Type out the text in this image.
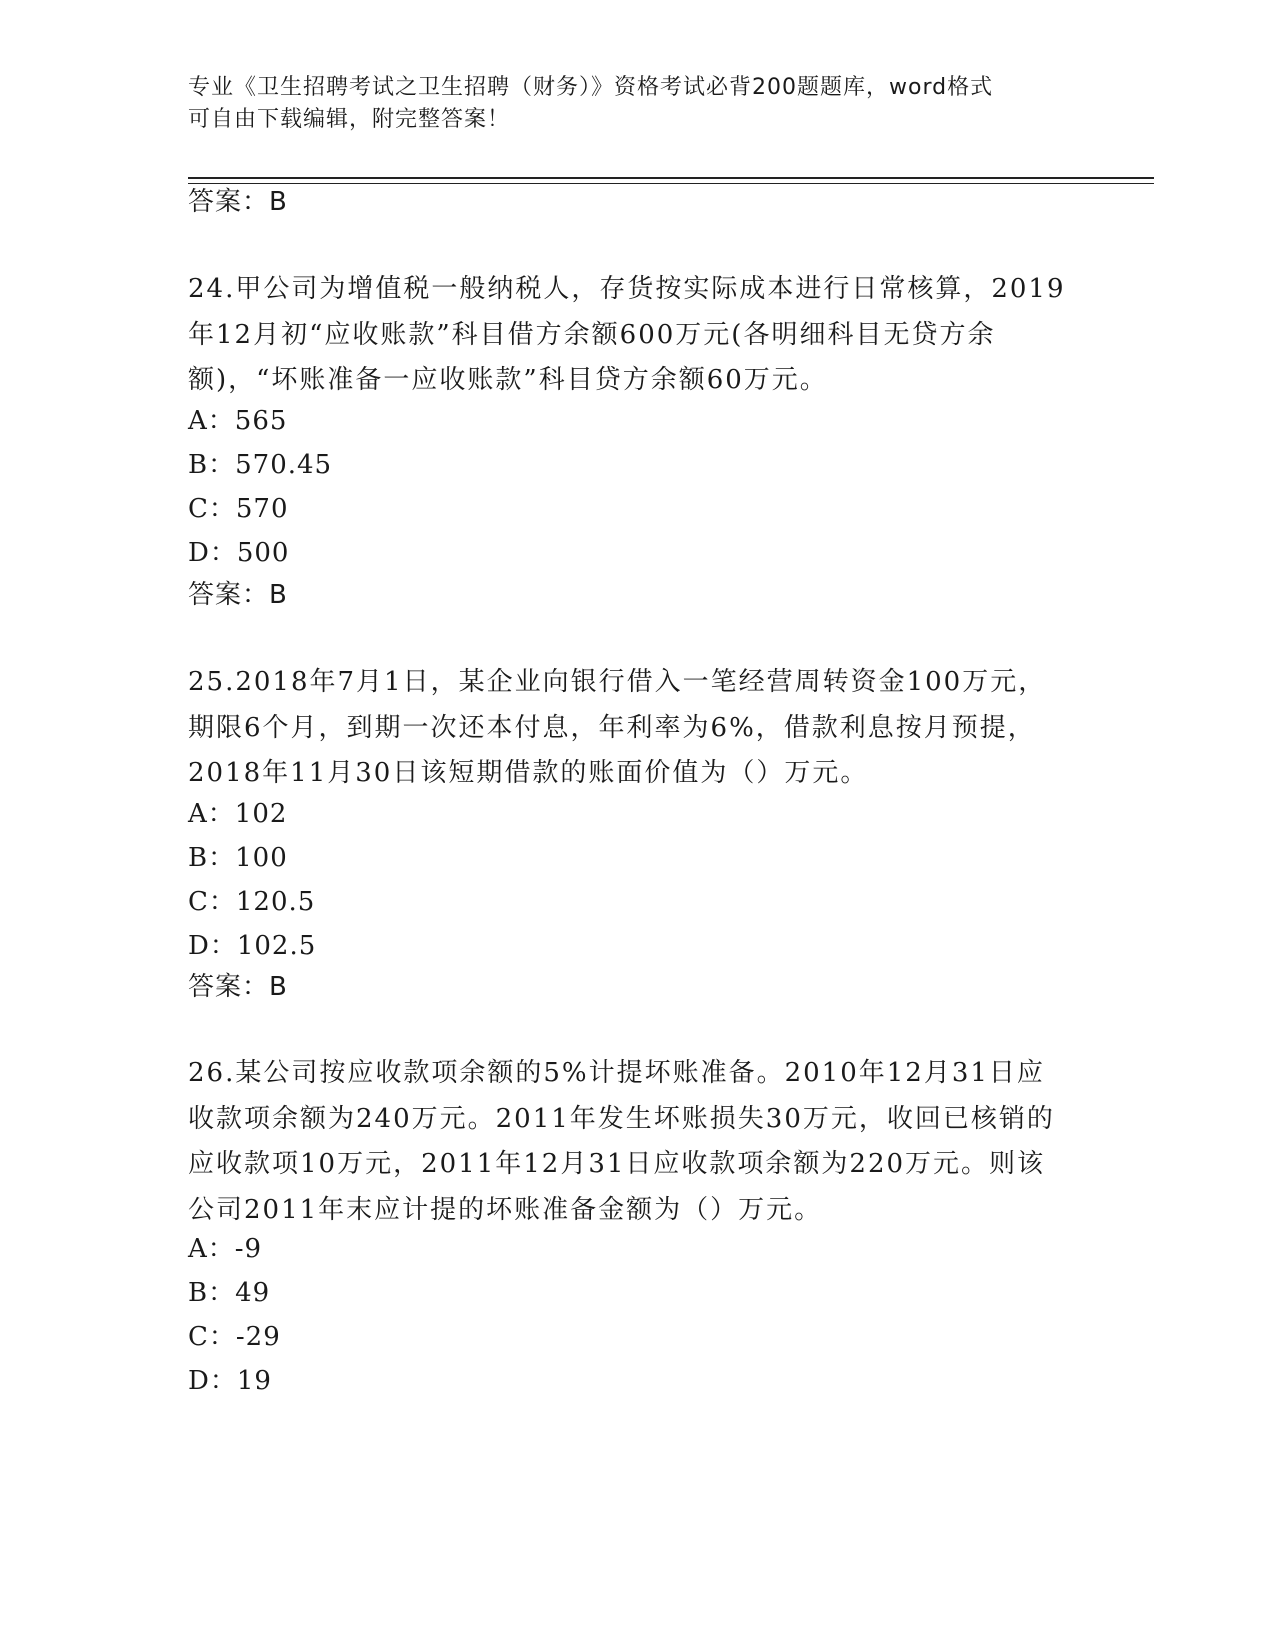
专业《卫生招聘考试之卫生招聘（财务）》资格考试必背200题题库，word格式
可自由下载编辑，附完整答案！
答案：B
24.甲公司为增值税一般纳税人，存货按实际成本进行日常核算，2019
年12月初“应收账款”科目借方余额600万元(各明细科目无贷方余
额)，“坏账准备一应收账款”科目贷方余额60万元。
A：565
B：570.45
C：570
D：500
答案：B
25.2018年7月1日，某企业向银行借入一笔经营周转资金100万元，
期限6个月，到期一次还本付息，年利率为6%，借款利息按月预提，
2018年11月30日该短期借款的账面价值为（）万元。
A：102
B：100
C：120.5
D：102.5
答案：B
26.某公司按应收款项余额的5%计提坏账准备。2010年12月31日应
收款项余额为240万元。2011年发生坏账损失30万元，收回已核销的
应收款项10万元，2011年12月31日应收款项余额为220万元。则该
公司2011年末应计提的坏账准备金额为（）万元。
A：-9
B：49
C：-29
D：19
